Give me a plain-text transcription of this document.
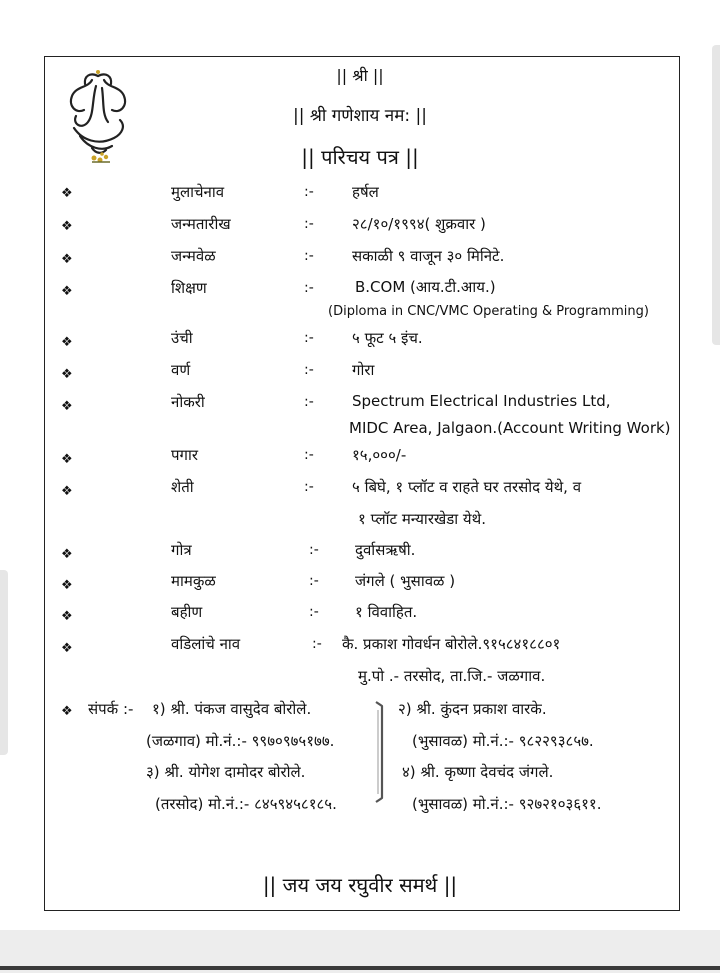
|| श्री ||
|| श्री गणेशाय नम: ||
|| परिचय पत्र ||
❖	मुलाचेनाव	:-	हर्षल
❖	जन्मतारीख	:-	२८/१०/१९९४( शुक्रवार )
❖	जन्मवेळ	:-	सकाळी ९ वाजून ३० मिनिटे.
❖	शिक्षण	:-	B.COM (आय.टी.आय.)
(Diploma in CNC/VMC Operating & Programming)
❖	उंची	:-	५ फूट ५ इंच.
❖	वर्ण	:-	गोरा
❖	नोकरी	:-	Spectrum Electrical Industries Ltd,
MIDC Area, Jalgaon.(Account Writing Work)
❖	पगार	:-	१५,०००/-
❖	शेती	:-	५ बिघे, १ प्लॉट व राहते घर तरसोद येथे, व
१ प्लॉट मन्यारखेडा येथे.
❖	गोत्र	:- दुर्वासऋषी.
❖	मामकुळ	:- जंगले ( भुसावळ )
❖	बहीण	:- १ विवाहित.
❖	वडिलांचे नाव	:- कै. प्रकाश गोवर्धन बोरोले.९१५८४१८८०१
मु.पो .- तरसोद, ता.जि.- जळगाव.
❖ संपर्क :- १) श्री. पंकज वासुदेव बोरोले.
(जळगाव) मो.नं.:- ९९७०९७५१७७.
३) श्री. योगेश दामोदर बोरोले.
(तरसोद) मो.नं.:- ८४५९४५८१८५.
२) श्री. कुंदन प्रकाश वारके.
(भुसावळ) मो.नं.:- ९८२२९३८५७.
४) श्री. कृष्णा देवचंद जंगले.
(भुसावळ) मो.नं.:- ९२७२१०३६११.
|| जय जय रघुवीर समर्थ ||
